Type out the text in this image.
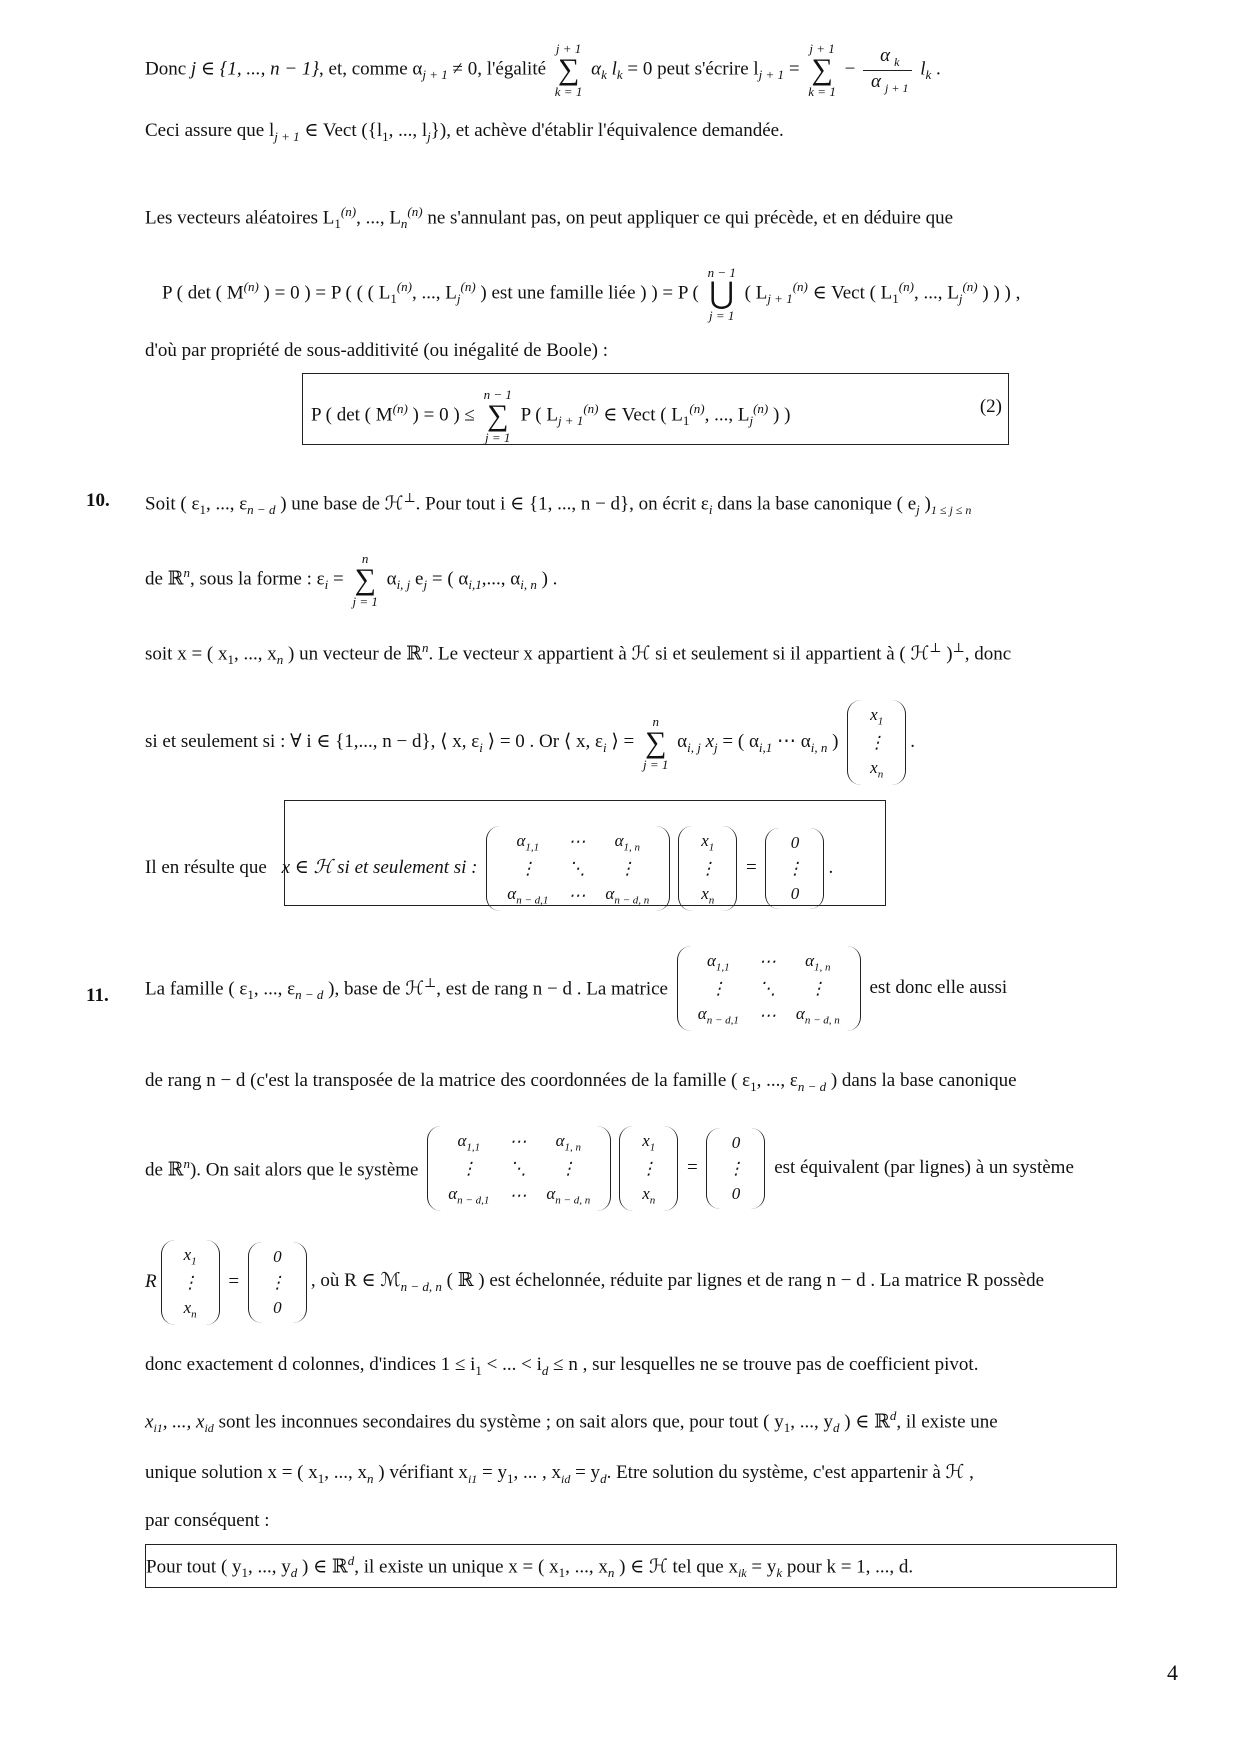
Donc j ∈ {1, ..., n − 1}, et, comme $\alpha_{j + 1} \ne 0$, l'égalité
j + 1
∑
k = 1
$\alpha_k$ $l_k = 0$ peut s'écrire $l_{j + 1}$ =
j + 1
∑
k = 1
− $\frac{\alpha _k}{\alpha _{j + 1}} l_k$ .
Ceci assure que $l_{j + 1}$ ∈ Vect ({$l_1$, ..., $l_j$}), et achève d'établir l'équivalence demandée.
Les vecteurs aléatoires $L_1^{(n)}$, ..., $L_n^{(n)}$ ne s'annulant pas, on peut appliquer ce qui précède, et en déduire que
P ( det ( $M^{(n)}$ ) = 0 ) = P ( ( ( $L_1^{(n)}$, ..., $L_j^{(n)}$ ) est une famille liée ) ) = P (
n − 1
⋃
j = 1
( $L_{j + 1}^{(n)}$ ∈ Vect ( $L_1^{(n)}$, ..., $L_j^{(n)}$ ) ) ) ,
d'où par propriété de sous-additivité (ou inégalité de Boole) :
P ( det ( $M^{(n)}$ ) = 0 ) ≤
n − 1
∑
j = 1
P ( $L_{j + 1}^{(n)}$ ∈ Vect ( $L_1^{(n)}$, ..., $L_j^{(n)}$ ) )	(2)
10. Soit ( $\varepsilon_1$, ..., $\varepsilon_{n - d}$ ) une base de ℋ⊥. Pour tout i ∈ {1, ..., n − d}, on écrit $\varepsilon_i$ dans la base canonique ( $e_j$ )$_{1 \le j \le n}$
de ℝ$^n$, sous la forme : $\varepsilon_i$ =
n
∑
j = 1
$\alpha_{i, j}$ $e_j$ = ( $\alpha_{i,1}$,..., $\alpha_{i, n}$ ) .
soit x = ( $x_1$, ..., $x_n$ ) un vecteur de ℝ$^n$. Le vecteur x appartient à ℋ si et seulement si il appartient à ( ℋ⊥ )⊥, donc
si et seulement si : ∀ i ∈ {1,..., n − d}, ⟨ x, $\varepsilon_i$ ⟩ = 0 . Or ⟨ x, $\varepsilon_i$ ⟩ =
n
∑
j = 1
$\alpha_{i, j}$ $x_j$ = ( $\alpha_{i,1}$ ⋯ $\alpha_{i, n}$ )
$x_1$
⋮
$x_n$
.
Il en résulte que x ∈ ℋ si et seulement si :
$\alpha_{1,1}$	⋯	$\alpha_{1, n}$
⋮	⋱	⋮
$\alpha_{n - d,1}$	⋯	$\alpha_{n - d, n}$
$x_1$
⋮
$x_n$
=
0
⋮
0
.
11. La famille ( $\varepsilon_1$, ..., $\varepsilon_{n - d}$ ), base de ℋ⊥, est de rang n − d . La matrice
$\alpha_{1,1}$	⋯	$\alpha_{1, n}$
⋮	⋱	⋮
$\alpha_{n - d,1}$	⋯	$\alpha_{n - d, n}$
est donc elle aussi
de rang n − d (c'est la transposée de la matrice des coordonnées de la famille ( $\varepsilon_1$, ..., $\varepsilon_{n - d}$ ) dans la base canonique
de ℝ$^n$). On sait alors que le système
$\alpha_{1,1}$	⋯	$\alpha_{1, n}$
⋮	⋱	⋮
$\alpha_{n - d,1}$	⋯	$\alpha_{n - d, n}$
$x_1$
⋮
$x_n$
=
0
⋮
0
est équivalent (par lignes) à un système
R
$x_1$
⋮
$x_n$
=
0
⋮
0
, où R ∈ ℳ$_{n - d, n}$ ( ℝ ) est échelonnée, réduite par lignes et de rang n − d . La matrice R possède
donc exactement d colonnes, d'indices $1 \le i_1$ < ... < $i_d \le n$ , sur lesquelles ne se trouve pas de coefficient pivot.
$x_{i1}$, ..., $x_{id}$ sont les inconnues secondaires du système ; on sait alors que, pour tout ( $y_1$, ..., $y_d$ ) ∈ ℝ$^d$, il existe une
unique solution x = ( $x_1$, ..., $x_n$ ) vérifiant $x_{i1} = y_1$, ... , $x_{id} = y_d$. Etre solution du système, c'est appartenir à ℋ ,
par conséquent :
Pour tout ( $y_1$, ..., $y_d$ ) ∈ ℝ$^d$, il existe un unique x = ( $x_1$, ..., $x_n$ ) ∈ ℋ tel que $x_{ik} = y_k$ pour k = 1, ..., d.
4
